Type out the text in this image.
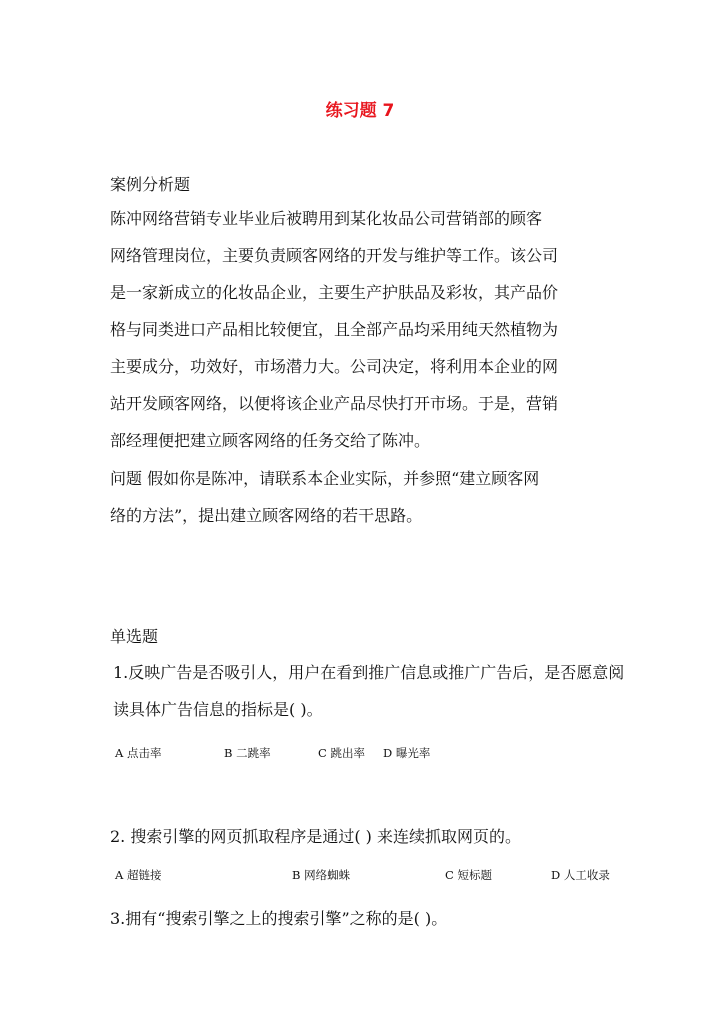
练习题 7
案例分析题
陈冲网络营销专业毕业后被聘用到某化妆品公司营销部的顾客
网络管理岗位，主要负责顾客网络的开发与维护等工作。该公司
是一家新成立的化妆品企业，主要生产护肤品及彩妆，其产品价
格与同类进口产品相比较便宜，且全部产品均采用纯天然植物为
主要成分，功效好，市场潜力大。公司决定，将利用本企业的网
站开发顾客网络，以便将该企业产品尽快打开市场。于是，营销
部经理便把建立顾客网络的任务交给了陈冲。
问题 假如你是陈冲，请联系本企业实际，并参照“建立顾客网
络的方法”，提出建立顾客网络的若干思路。
单选题
1.反映广告是否吸引人，用户在看到推广信息或推广广告后，是否愿意阅
读具体广告信息的指标是( )。
A 点击率	B 二跳率	C 跳出率 D 曝光率
2. 搜索引擎的网页抓取程序是通过( ) 来连续抓取网页的。
A 超链接	B 网络蜘蛛	C 短标题	D 人工收录
3.拥有“搜索引擎之上的搜索引擎”之称的是( )。
